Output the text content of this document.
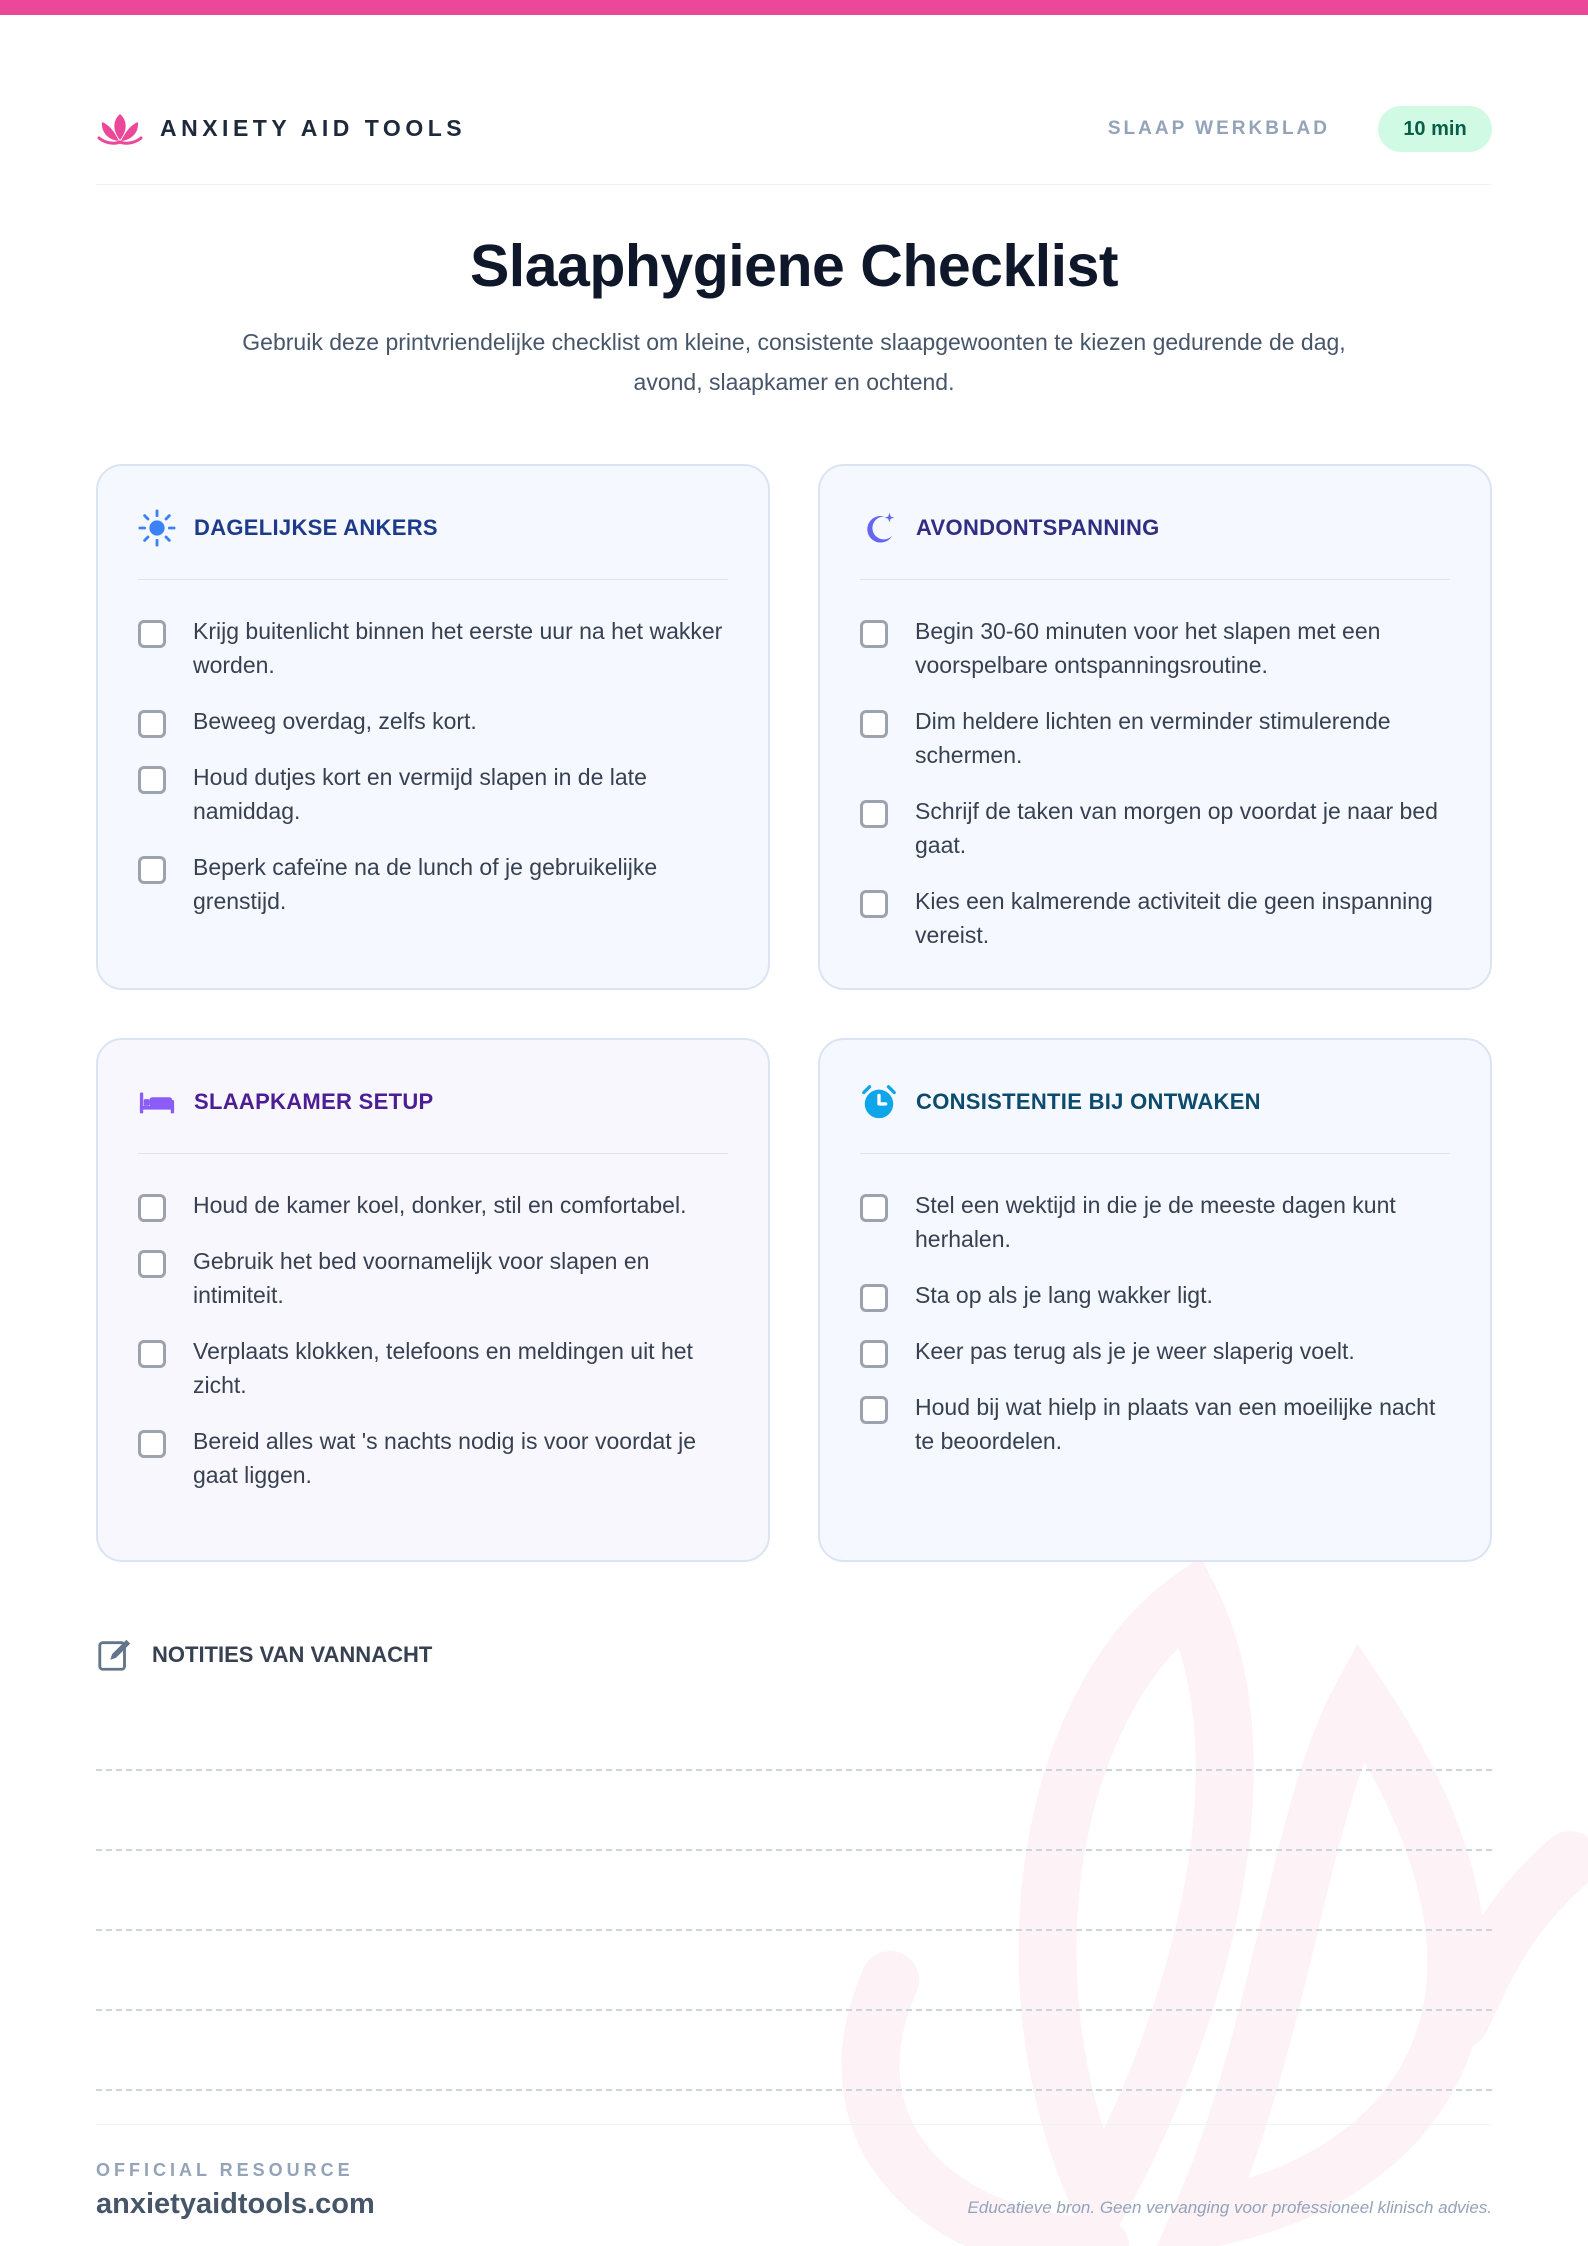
ANXIETY AID TOOLS	SLAAP WERKBLAD	10 min
Slaaphygiene Checklist

Gebruik deze printvriendelijke checklist om kleine, consistente slaapgewoonten te kiezen gedurende de dag, avond, slaapkamer en ochtend.

DAGELIJKSE ANKERS
Krijg buitenlicht binnen het eerste uur na het wakker worden.
Beweeg overdag, zelfs kort.
Houd dutjes kort en vermijd slapen in de late namiddag.
Beperk cafeïne na de lunch of je gebruikelijke grenstijd.
AVONDONTSPANNING
Begin 30-60 minuten voor het slapen met een voorspelbare ontspanningsroutine.
Dim heldere lichten en verminder stimulerende schermen.
Schrijf de taken van morgen op voordat je naar bed gaat.
Kies een kalmerende activiteit die geen inspanning vereist.
SLAAPKAMER SETUP
Houd de kamer koel, donker, stil en comfortabel.
Gebruik het bed voornamelijk voor slapen en intimiteit.
Verplaats klokken, telefoons en meldingen uit het zicht.
Bereid alles wat 's nachts nodig is voor voordat je gaat liggen.
CONSISTENTIE BIJ ONTWAKEN
Stel een wektijd in die je de meeste dagen kunt herhalen.
Sta op als je lang wakker ligt.
Keer pas terug als je je weer slaperig voelt.
Houd bij wat hielp in plaats van een moeilijke nacht te beoordelen.
NOTITIES VAN VANNACHT
OFFICIAL RESOURCE
anxietyaidtools.com	Educatieve bron. Geen vervanging voor professioneel klinisch advies.
